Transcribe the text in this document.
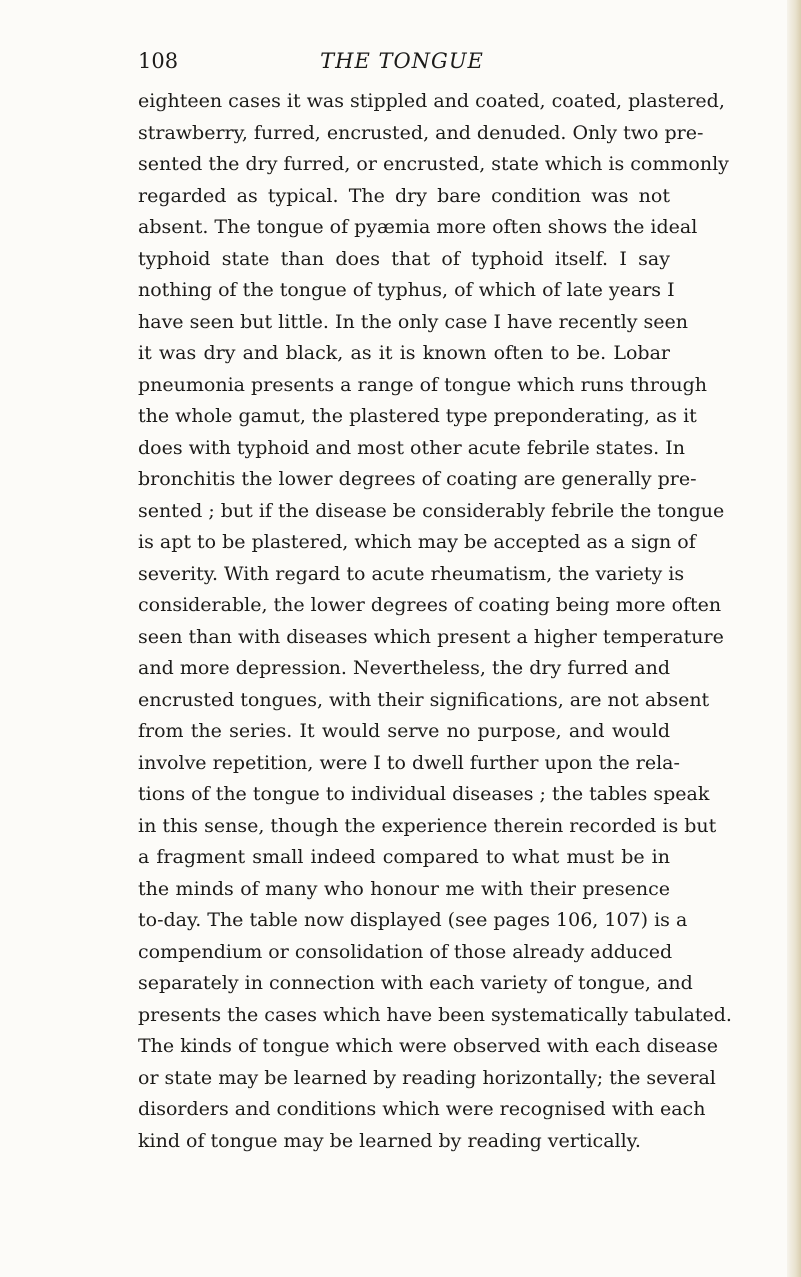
108	THE TONGUE
eighteen cases it was stippled and coated, coated, plastered,
strawberry, furred, encrusted, and denuded. Only two pre-
sented the dry furred, or encrusted, state which is commonly
regarded as typical. The dry bare condition was not
absent. The tongue of pyæmia more often shows the ideal
typhoid state than does that of typhoid itself. I say
nothing of the tongue of typhus, of which of late years I
have seen but little. In the only case I have recently seen
it was dry and black, as it is known often to be. Lobar
pneumonia presents a range of tongue which runs through
the whole gamut, the plastered type preponderating, as it
does with typhoid and most other acute febrile states. In
bronchitis the lower degrees of coating are generally pre-
sented ; but if the disease be considerably febrile the tongue
is apt to be plastered, which may be accepted as a sign of
severity. With regard to acute rheumatism, the variety is
considerable, the lower degrees of coating being more often
seen than with diseases which present a higher temperature
and more depression. Nevertheless, the dry furred and
encrusted tongues, with their significations, are not absent
from the series. It would serve no purpose, and would
involve repetition, were I to dwell further upon the rela-
tions of the tongue to individual diseases ; the tables speak
in this sense, though the experience therein recorded is but
a fragment small indeed compared to what must be in
the minds of many who honour me with their presence
to-day. The table now displayed (see pages 106, 107) is a
compendium or consolidation of those already adduced
separately in connection with each variety of tongue, and
presents the cases which have been systematically tabulated.
The kinds of tongue which were observed with each disease
or state may be learned by reading horizontally; the several
disorders and conditions which were recognised with each
kind of tongue may be learned by reading vertically.
